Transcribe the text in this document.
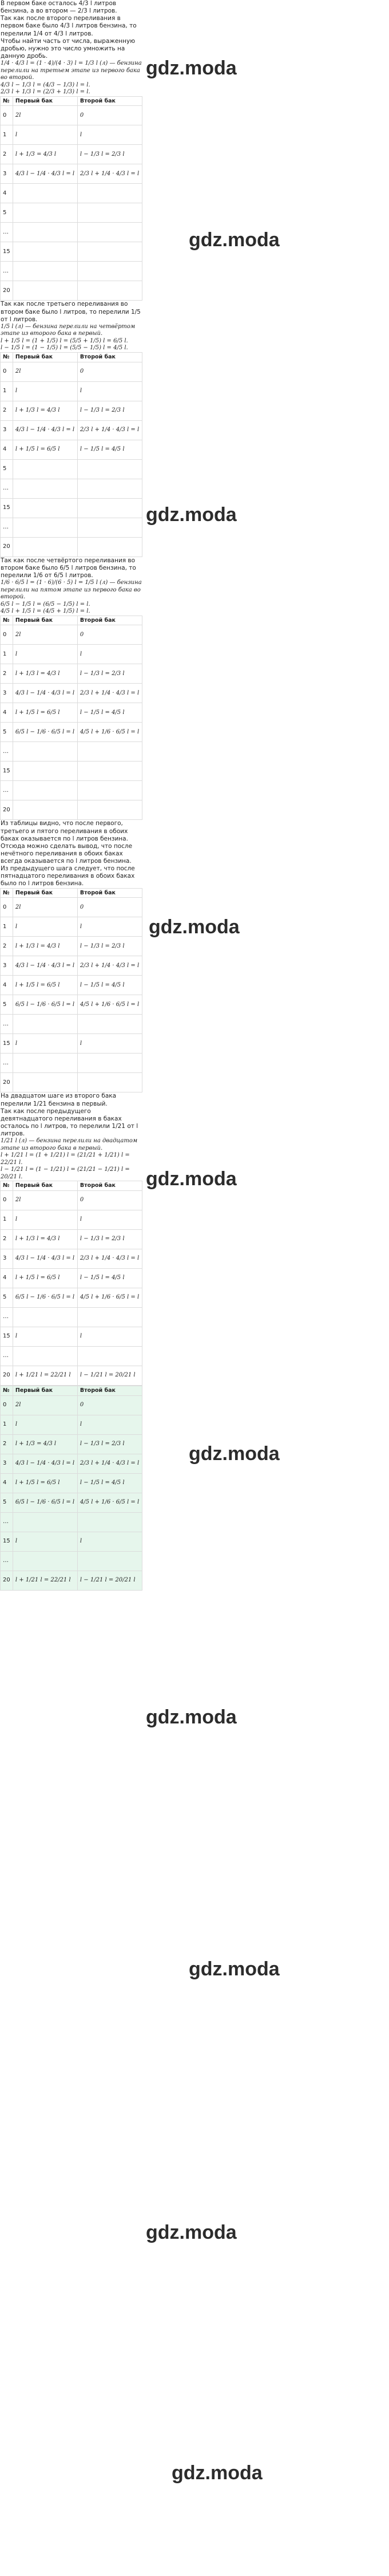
В первом баке осталось 4/3 l литров бензина, а во втором — 2/3 l литров.

Так как после второго переливания в первом баке было 4/3 l литров бензина, то перелили 1/4 от 4/3 l литров.

Чтобы найти часть от числа, выраженную дробью, нужно это число умножить на данную дробь.

1/4 · 4/3 l = (1 · 4)/(4 · 3) l = 1/3 l (л) — бензина перелили на третьем этапе из первого бака во второй.

4/3 l − 1/3 l = (4/3 − 1/3) l = l.

2/3 l + 1/3 l = (2/3 + 1/3) l = l.

№	Первый бак	Второй бак
0	2l	0
1	l	l
2	l + 1/3 = 4/3 l	l − 1/3 l = 2/3 l
3	4/3 l − 1/4 · 4/3 l = l	2/3 l + 1/4 · 4/3 l = l
4		
5		
…		
15		
…		
20		

Так как после третьего переливания во втором баке было l литров, то перелили 1/5 от l литров.

1/5 l (л) — бензина перелили на четвёртом этапе из второго бака в первый.

l + 1/5 l = (1 + 1/5) l = (5/5 + 1/5) l = 6/5 l.

l − 1/5 l = (1 − 1/5) l = (5/5 − 1/5) l = 4/5 l.

№	Первый бак	Второй бак
0	2l	0
1	l	l
2	l + 1/3 l = 4/3 l	l − 1/3 l = 2/3 l
3	4/3 l − 1/4 · 4/3 l = l	2/3 l + 1/4 · 4/3 l = l
4	l + 1/5 l = 6/5 l	l − 1/5 l = 4/5 l
5		
…		
15		
…		
20		

Так как после четвёртого переливания во втором баке было 6/5 l литров бензина, то перелили 1/6 от 6/5 l литров.

1/6 · 6/5 l = (1 · 6)/(6 · 5) l = 1/5 l (л) — бензина перелили на пятом этапе из первого бака во второй.

6/5 l − 1/5 l = (6/5 − 1/5) l = l.

4/5 l + 1/5 l = (4/5 + 1/5) l = l.

№	Первый бак	Второй бак
0	2l	0
1	l	l
2	l + 1/3 l = 4/3 l	l − 1/3 l = 2/3 l
3	4/3 l − 1/4 · 4/3 l = l	2/3 l + 1/4 · 4/3 l = l
4	l + 1/5 l = 6/5 l	l − 1/5 l = 4/5 l
5	6/5 l − 1/6 · 6/5 l = l	4/5 l + 1/6 · 6/5 l = l
…		
15		
…		
20		

Из таблицы видно, что после первого, третьего и пятого переливания в обоих баках оказывается по l литров бензина. Отсюда можно сделать вывод, что после нечётного переливания в обоих баках всегда оказывается по l литров бензина.

Из предыдущего шага следует, что после пятнадцатого переливания в обоих баках было по l литров бензина.

№	Первый бак	Второй бак
0	2l	0
1	l	l
2	l + 1/3 l = 4/3 l	l − 1/3 l = 2/3 l
3	4/3 l − 1/4 · 4/3 l = l	2/3 l + 1/4 · 4/3 l = l
4	l + 1/5 l = 6/5 l	l − 1/5 l = 4/5 l
5	6/5 l − 1/6 · 6/5 l = l	4/5 l + 1/6 · 6/5 l = l
…		
15	l	l
…		
20		

На двадцатом шаге из второго бака перелили 1/21 бензина в первый.

Так как после предыдущего девятнадцатого переливания в баках осталось по l литров, то перелили 1/21 от l литров.

1/21 l (л) — бензина перелили на двадцатом этапе из второго бака в первый.

l + 1/21 l = (1 + 1/21) l = (21/21 + 1/21) l = 22/21 l.

l − 1/21 l = (1 − 1/21) l = (21/21 − 1/21) l = 20/21 l.

№	Первый бак	Второй бак
0	2l	0
1	l	l
2	l + 1/3 l = 4/3 l	l − 1/3 l = 2/3 l
3	4/3 l − 1/4 · 4/3 l = l	2/3 l + 1/4 · 4/3 l = l
4	l + 1/5 l = 6/5 l	l − 1/5 l = 4/5 l
5	6/5 l − 1/6 · 6/5 l = l	4/5 l + 1/6 · 6/5 l = l
…		
15	l	l
…		
20	l + 1/21 l = 22/21 l	l − 1/21 l = 20/21 l
№	Первый бак	Второй бак
0	2l	0
1	l	l
2	l + 1/3 = 4/3 l	l − 1/3 l = 2/3 l
3	4/3 l − 1/4 · 4/3 l = l	2/3 l + 1/4 · 4/3 l = l
4	l + 1/5 l = 6/5 l	l − 1/5 l = 4/5 l
5	6/5 l − 1/6 · 6/5 l = l	4/5 l + 1/6 · 6/5 l = l
…		
15	l	l
…		
20	l + 1/21 l = 22/21 l	l − 1/21 l = 20/21 l
gdz.moda
gdz.moda
gdz.moda
gdz.moda
gdz.moda
gdz.moda
gdz.moda
gdz.moda
gdz.moda
gdz.moda
